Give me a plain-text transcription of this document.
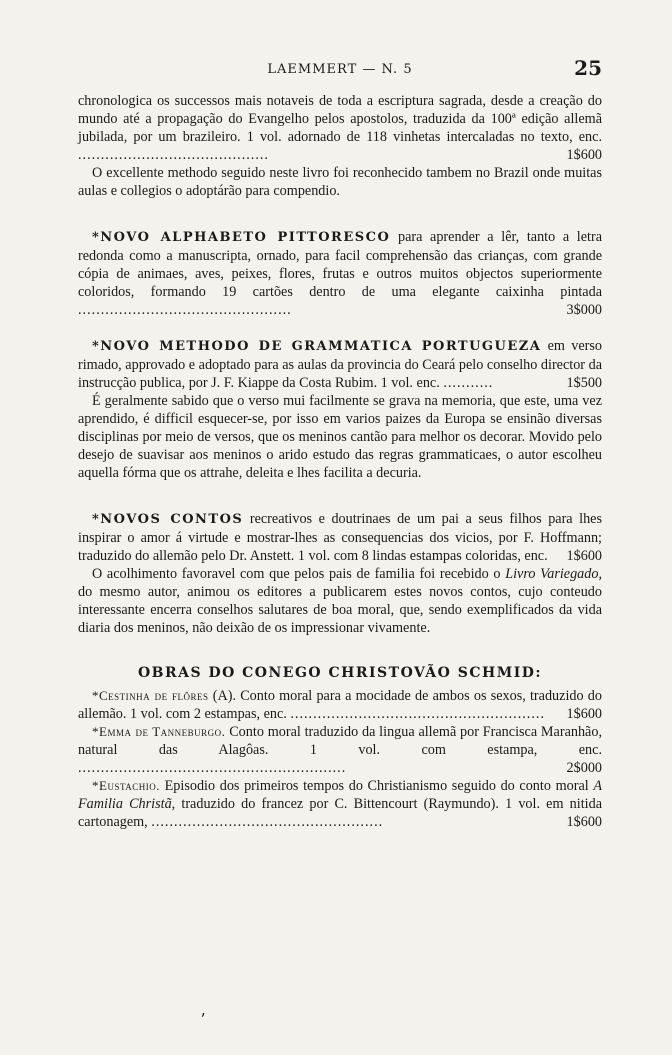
LAEMMERT — N. 5	25

chronologica os successos mais notaveis de toda a escriptura sagrada, desde a creação do mundo até a propagação do Evangelho pelos apostolos, traduzida da 100ª edição allemã jubilada, por um brazileiro. 1 vol. adornado de 118 vinhetas intercaladas no texto, enc. ..........................................	1$600

O excellente methodo seguido neste livro foi reconhecido tambem no Brazil onde muitas aulas e collegios o adoptárão para compendio.

*NOVO ALPHABETO PITTORESCO para aprender a lêr, tanto a letra redonda como a manuscripta, ornado, para facil comprehensão das crianças, com grande cópia de animaes, aves, peixes, flores, frutas e outros muitos objectos superiormente coloridos, formando 19 cartões dentro de uma elegante caixinha pintada ...............................................	3$000

*NOVO METHODO DE GRAMMATICA PORTUGUEZA em verso rimado, approvado e adoptado para as aulas da provincia do Ceará pelo conselho director da instrucção publica, por J. F. Kiappe da Costa Rubim. 1 vol. enc. ...........	1$500

É geralmente sabido que o verso mui facilmente se grava na memoria, que este, uma vez aprendido, é difficil esquecer-se, por isso em varios paizes da Europa se ensinão diversas disciplinas por meio de versos, que os meninos cantão para melhor os decorar. Movido pelo desejo de suavisar aos meninos o arido estudo das regras grammaticaes, o autor escolheu aquella fórma que os attrahe, deleita e lhes facilita a decuria.

*NOVOS CONTOS recreativos e doutrinaes de um pai a seus filhos para lhes inspirar o amor á virtude e mostrar-lhes as consequencias dos vicios, por F. Hoffmann; traduzido do allemão pelo Dr. Anstett. 1 vol. com 8 lindas estampas coloridas, enc.	1$600

O acolhimento favoravel com que pelos pais de familia foi recebido o Livro Variegado, do mesmo autor, animou os editores a publicarem estes novos contos, cujo conteudo interessante encerra conselhos salutares de boa moral, que, sendo exemplificados da vida diaria dos meninos, não deixão de os impressionar vivamente.

OBRAS DO CONEGO CHRISTOVÃO SCHMID:

*Cestinha de flôres (A). Conto moral para a mocidade de ambos os sexos, traduzido do allemão. 1 vol. com 2 estampas, enc. ........................................................	1$600

*Emma de Tanneburgo. Conto moral traduzido da lingua allemã por Francisca Maranhão, natural das Alagôas. 1 vol. com estampa, enc. ...........................................................	2$000

*Eustachio. Episodio dos primeiros tempos do Christianismo seguido do conto moral A Familia Christã, traduzido do francez por C. Bittencourt (Raymundo). 1 vol. em nitida cartonagem, ...................................................	1$600

ʼ
